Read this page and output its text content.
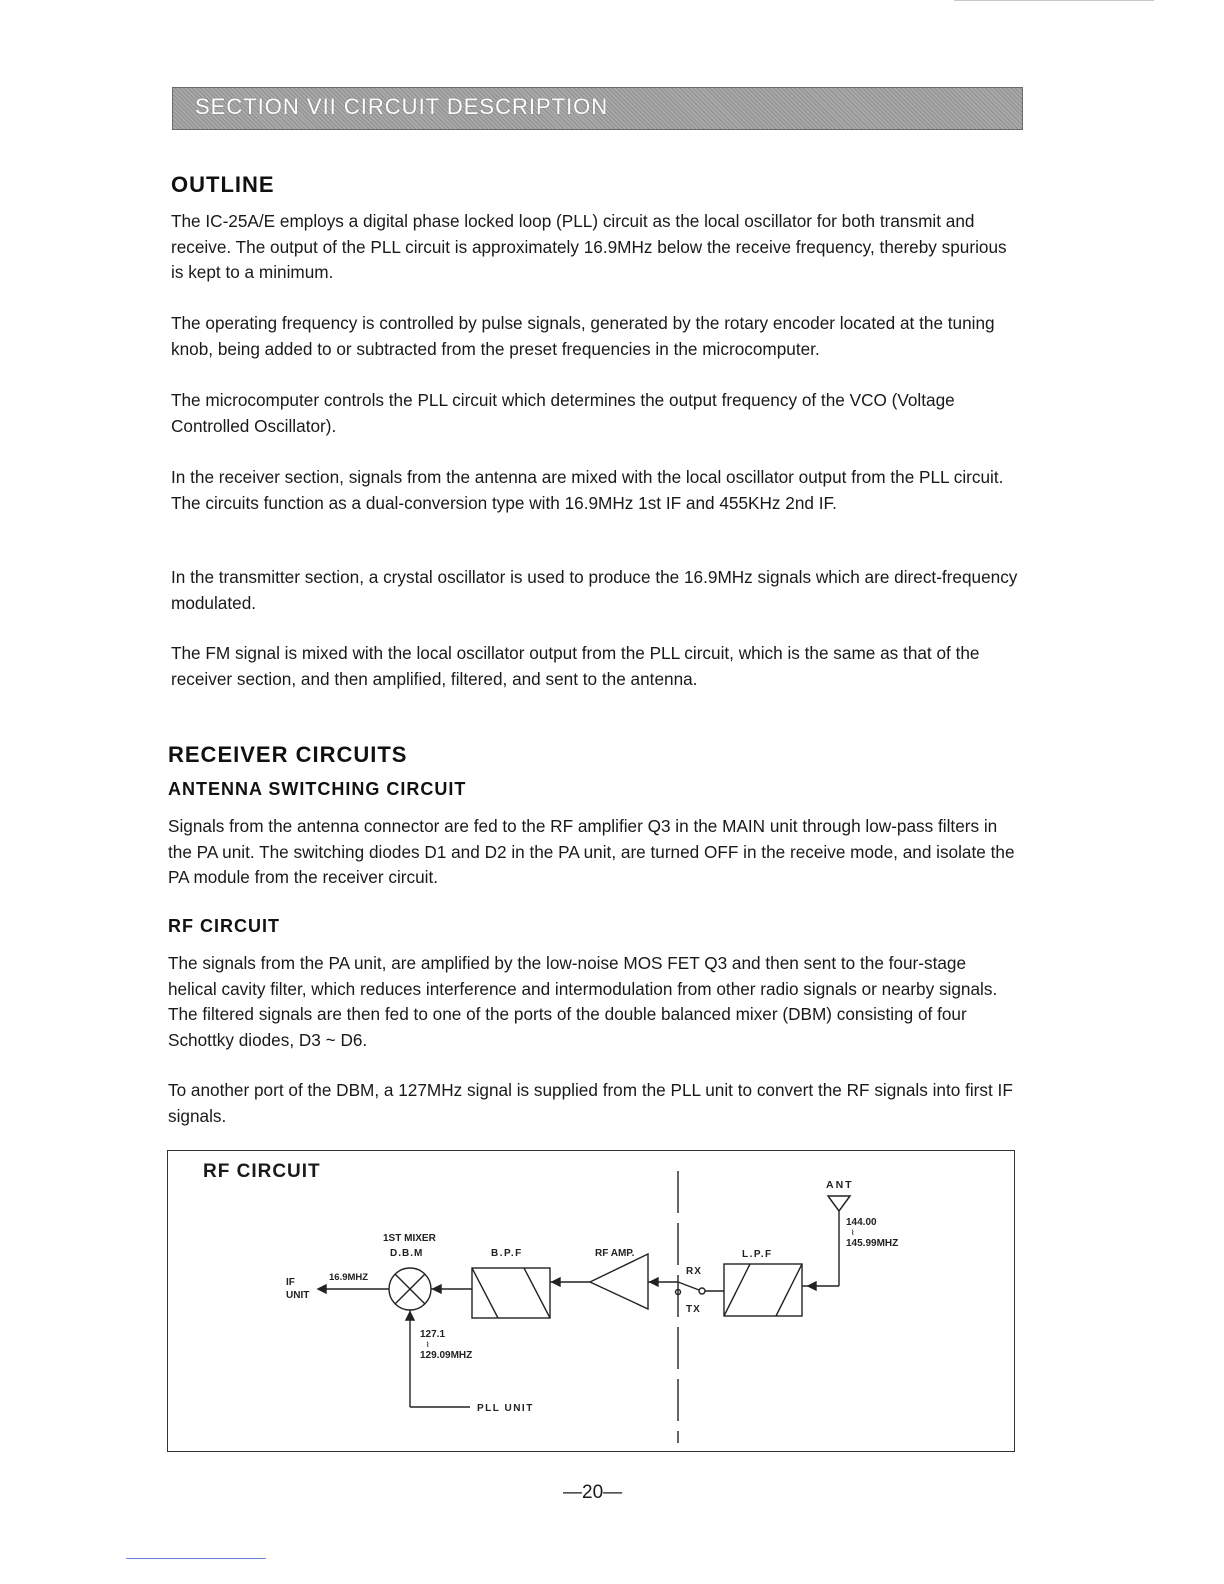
SECTION VII CIRCUIT DESCRIPTION
OUTLINE

The IC-25A/E employs a digital phase locked loop (PLL) circuit as the local oscillator for both transmit and receive. The output of the PLL circuit is approximately 16.9MHz below the receive frequency, thereby spurious is kept to a minimum.

The operating frequency is controlled by pulse signals, generated by the rotary encoder located at the tuning knob, being added to or subtracted from the preset frequencies in the microcomputer.

The microcomputer controls the PLL circuit which determines the output frequency of the VCO (Voltage Controlled Oscillator).

In the receiver section, signals from the antenna are mixed with the local oscillator output from the PLL circuit. The circuits function as a dual-conversion type with 16.9MHz 1st IF and 455KHz 2nd IF.

In the transmitter section, a crystal oscillator is used to produce the 16.9MHz signals which are direct-frequency modulated.

The FM signal is mixed with the local oscillator output from the PLL circuit, which is the same as that of the receiver section, and then amplified, filtered, and sent to the antenna.

RECEIVER CIRCUITS
ANTENNA SWITCHING CIRCUIT

Signals from the antenna connector are fed to the RF amplifier Q3 in the MAIN unit through low-pass filters in the PA unit. The switching diodes D1 and D2 in the PA unit, are turned OFF in the receive mode, and isolate the PA module from the receiver circuit.

RF CIRCUIT

The signals from the PA unit, are amplified by the low-noise MOS FET Q3 and then sent to the four-stage helical cavity filter, which reduces interference and intermodulation from other radio signals or nearby signals. The filtered signals are then fed to one of the ports of the double balanced mixer (DBM) consisting of four Schottky diodes, D3 ~ D6.

To another port of the DBM, a 127MHz signal is supplied from the PLL unit to convert the RF signals into first IF signals.

RF CIRCUIT
ANT
144.00
⌇
145.99MHZ
1ST MIXER
D.B.M	B.P.F	RF AMP.	L.P.F
RX
TX
IF
UNIT
16.9MHZ
127.1
⌇
129.09MHZ
PLL UNIT
—20—
